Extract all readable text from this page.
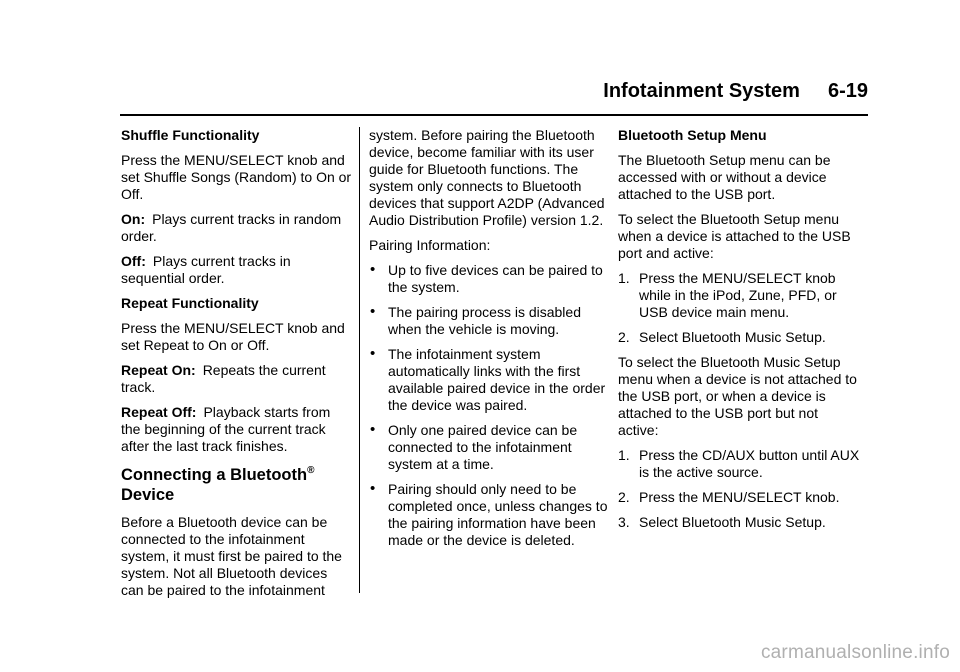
Infotainment System 6-19

Shuffle Functionality

Press the MENU/SELECT knob and set Shuffle Songs (Random) to On or Off.

On: Plays current tracks in random order.

Off: Plays current tracks in sequential order.

Repeat Functionality

Press the MENU/SELECT knob and set Repeat to On or Off.

Repeat On: Repeats the current track.

Repeat Off: Playback starts from the beginning of the current track after the last track finishes.

Connecting a Bluetooth®
Device

Before a Bluetooth device can be connected to the infotainment system, it must first be paired to the system. Not all Bluetooth devices can be paired to the infotainment

system. Before pairing the Bluetooth device, become familiar with its user guide for Bluetooth functions. The system only connects to Bluetooth devices that support A2DP (Advanced Audio Distribution Profile) version 1.2.

Pairing Information:

• Up to five devices can be paired to the system.
• The pairing process is disabled when the vehicle is moving.
• The infotainment system automatically links with the first available paired device in the order the device was paired.
• Only one paired device can be connected to the infotainment system at a time.
• Pairing should only need to be completed once, unless changes to the pairing information have been made or the device is deleted.

Bluetooth Setup Menu

The Bluetooth Setup menu can be accessed with or without a device attached to the USB port.

To select the Bluetooth Setup menu when a device is attached to the USB port and active:

1. Press the MENU/SELECT knob while in the iPod, Zune, PFD, or USB device main menu.
2. Select Bluetooth Music Setup.

To select the Bluetooth Music Setup menu when a device is not attached to the USB port, or when a device is attached to the USB port but not active:

1. Press the CD/AUX button until AUX is the active source.
2. Press the MENU/SELECT knob.
3. Select Bluetooth Music Setup.
carmanualsonline.info
